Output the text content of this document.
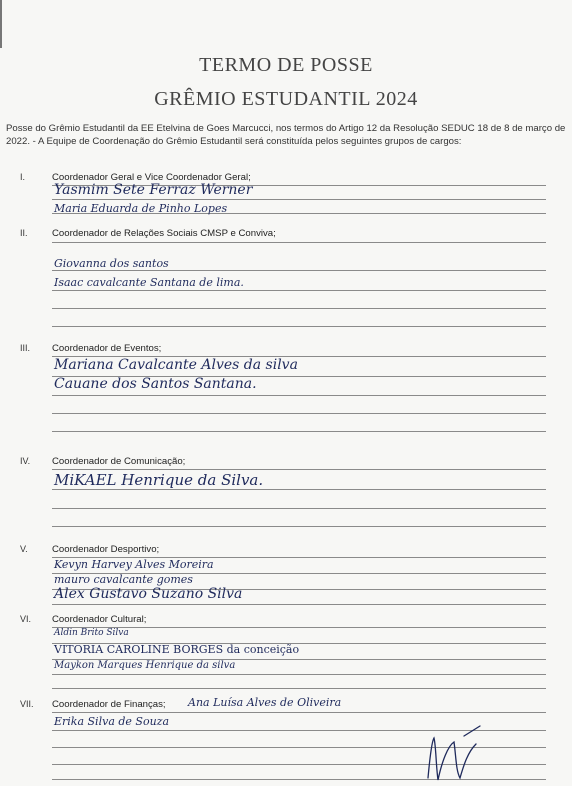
TERMO DE POSSE
GRÊMIO ESTUDANTIL 2024
Posse do Grêmio Estudantil da EE Etelvina de Goes Marcucci, nos termos do Artigo 12 da Resolução SEDUC 18 de 8 de março de 2022. - A Equipe de Coordenação do Grêmio Estudantil será constituída pelos seguintes grupos de cargos:
I.	Coordenador Geral e Vice Coordenador Geral;
Yasmim Sete Ferraz Werner
Maria Eduarda de Pinho Lopes
II.	Coordenador de Relações Sociais CMSP e Conviva;
Giovanna dos santos
Isaac cavalcante Santana de lima.
III. Coordenador de Eventos;
Mariana Cavalcante Alves da silva
Cauane dos Santos Santana.
IV. Coordenador de Comunicação;
MiKAEL Henrique da Silva.
V.	Coordenador Desportivo;
Kevyn Harvey Alves Moreira
mauro cavalcante gomes
Alex Gustavo Suzano Silva
VI. Coordenador Cultural;
Aldin Brito Silva
VITORIA CAROLINE BORGES da conceição
Maykon Marques Henrique da silva
VII. Coordenador de Finanças; Ana Luísa Alves de Oliveira
Erika Silva de Souza
